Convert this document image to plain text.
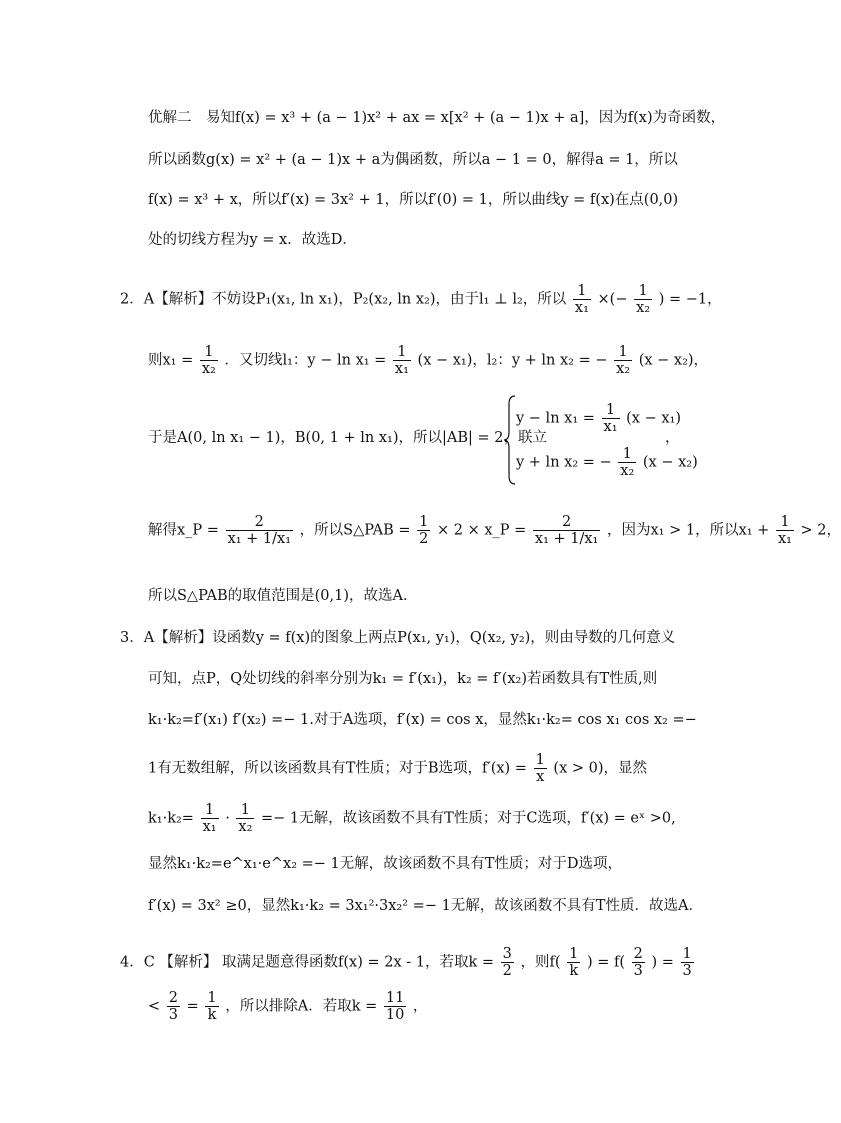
优解二　易知f(x) = x³ + (a − 1)x² + ax = x[x² + (a − 1)x + a]，因为f(x)为奇函数，
所以函数g(x) = x² + (a − 1)x + a为偶函数，所以a − 1 = 0，解得a = 1，所以
f(x) = x³ + x，所以f′(x) = 3x² + 1，所以f′(0) = 1，所以曲线y = f(x)在点(0,0)
处的切线方程为y = x．故选D．
2．A【解析】不妨设P₁(x₁, ln x₁)，P₂(x₂, ln x₂)，由于l₁ ⊥ l₂，所以 $\frac{1}{\text{x₁}}$ ×(− $\frac{1}{\text{x₂}}$ ) = −1，
则$x_1 = \frac{1}{\text{x₂}}$ ．又切线l₁：$y - \ln x_1 = \frac{1}{\text{x₁}} (x - x_1)$，l₂：y + ln x₂ = − $\frac{1}{\text{x₂}} (x - x_2)$，
于是A(0, ln x₁ − 1)，B(0, 1 + ln x₁)，所以|AB| = 2，联立
$y - \ln x_1 = \frac{1}{\text{x₁}} (x - x_1)$
y + ln x₂ = − $\frac{1}{\text{x₂}} (x - x_2)$
，
解得x_P = $\frac{2}{\text{x₁ + 1/x₁}}$ ，所以S△PAB = $\frac{1}{2} \times 2$ × x_P = $\frac{2}{\text{x₁ + 1/x₁}}$ ，因为x₁ > 1，所以$x_1 + \frac{1}{\text{x₁}} > 2$，
所以S△PAB的取值范围是(0,1)，故选A．
3．A【解析】设函数y = f(x)的图象上两点P(x₁, y₁)，Q(x₂, y₂)，则由导数的几何意义
可知，点P，Q处切线的斜率分别为k₁ = f′(x₁)，k₂ = f′(x₂)若函数具有T性质,则
k₁·k₂=f′(x₁) f′(x₂) =− 1.对于A选项，f′(x) = cos x，显然k₁·k₂= cos x₁ cos x₂ =−
1有无数组解，所以该函数具有T性质；对于B选项，$f'(x) = \frac{1}{x} (x > 0)$，显然
$k_1\cdot k_2= \frac{1}{\text{x₁}} \cdot \frac{1}{\text{x₂}} =- 1$无解，故该函数不具有T性质；对于C选项，f′(x) = eˣ >0,
显然k₁·k₂=e^x₁·e^x₂ =− 1无解，故该函数不具有T性质；对于D选项，
f′(x) = 3x² ≥0，显然k₁·k₂ = 3x₁²·3x₂² =− 1无解，故该函数不具有T性质．故选A．
4．C 【解析】 取满足题意得函数f(x) = 2x - 1，若取$k = \frac{3}{2}$ ，则$f( \frac{1}{k}$ ) = $f( \frac{2}{3}$ ) = $\frac{1}{3}$
< $\frac{2}{3} = \frac{1}{k}$ ，所以排除A．若取$k = \frac{11}{10}$ ，
